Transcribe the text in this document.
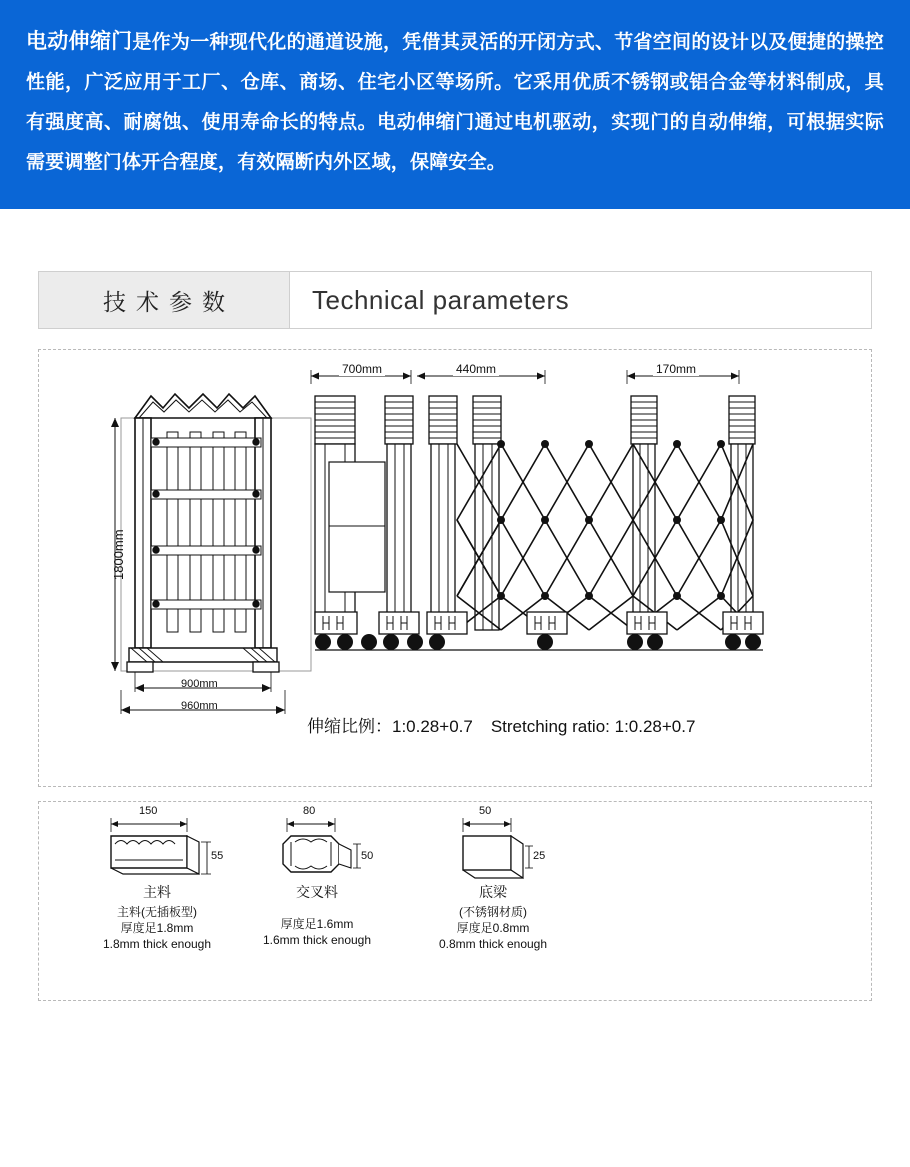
电动伸缩门是作为一种现代化的通道设施，凭借其灵活的开闭方式、节省空间的设计以及便捷的操控性能，广泛应用于工厂、仓库、商场、住宅小区等场所。它采用优质不锈钢或铝合金等材料制成，具有强度高、耐腐蚀、使用寿命长的特点。电动伸缩门通过电机驱动，实现门的自动伸缩，可根据实际需要调整门体开合程度，有效隔断内外区域，保障安全。

技术参数	Technical parameters
1800mm
900mm
960mm
700mm	440mm	170mm
伸缩比例：1:0.28+0.7 Stretching ratio: 1:0.28+0.7
150
55
80
50
50
25
主料
主料(无插板型)
厚度足1.8mm
1.8mm thick enough
交叉料
厚度足1.6mm
1.6mm thick enough
底梁
(不锈钢材质)
厚度足0.8mm
0.8mm thick enough
